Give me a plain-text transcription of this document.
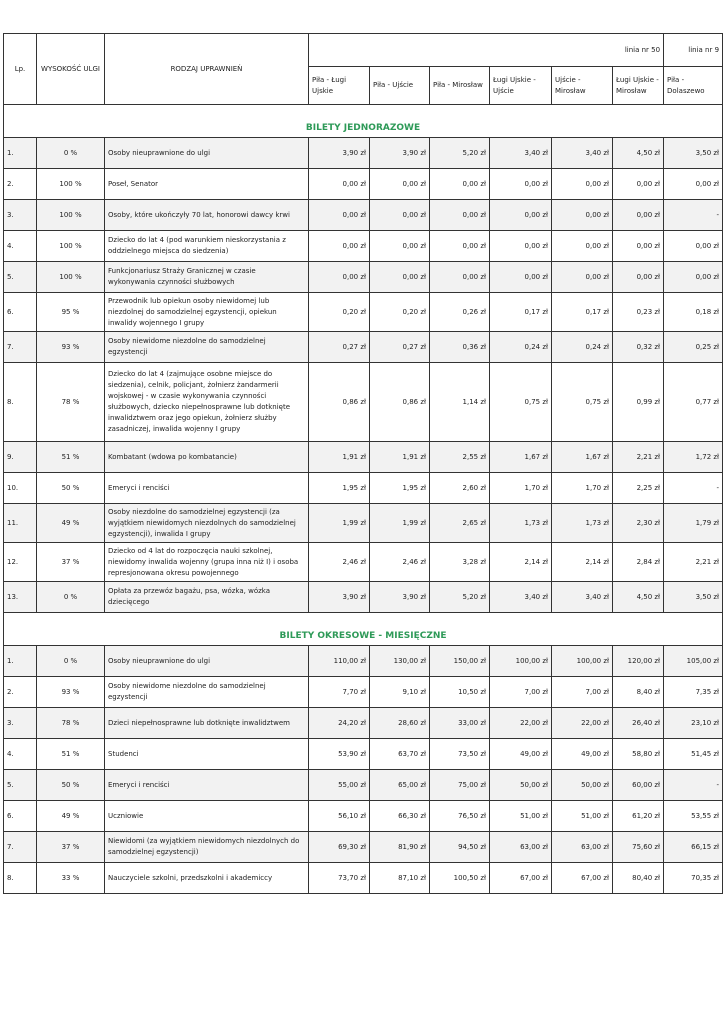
Lp.	WYSOKOŚĆ ULGI	RODZAJ UPRAWNIEŃ	linia nr 50						linia nr 9
			Piła - Ługi Ujskie	Piła - Ujście	Piła - Mirosław	Ługi Ujskie - Ujście	Ujście - Mirosław	Ługi Ujskie - Mirosław	Piła - Dolaszewo
BILETY JEDNORAZOWE									
1.	0 %	Osoby nieuprawnione do ulgi	3,90 zł	3,90 zł	5,20 zł	3,40 zł	3,40 zł	4,50 zł	3,50 zł
2.	100 %	Poseł, Senator	0,00 zł	0,00 zł	0,00 zł	0,00 zł	0,00 zł	0,00 zł	0,00 zł
3.	100 %	Osoby, które ukończyły 70 lat, honorowi dawcy krwi	0,00 zł	0,00 zł	0,00 zł	0,00 zł	0,00 zł	0,00 zł	-
4.	100 %	Dziecko do lat 4 (pod warunkiem nieskorzystania z oddzielnego miejsca do siedzenia)	0,00 zł	0,00 zł	0,00 zł	0,00 zł	0,00 zł	0,00 zł	0,00 zł
5.	100 %	Funkcjonariusz Straży Granicznej w czasie wykonywania czynności służbowych	0,00 zł	0,00 zł	0,00 zł	0,00 zł	0,00 zł	0,00 zł	0,00 zł
6.	95 %	Przewodnik lub opiekun osoby niewidomej lub niezdolnej do samodzielnej egzystencji, opiekun inwalidy wojennego I grupy	0,20 zł	0,20 zł	0,26 zł	0,17 zł	0,17 zł	0,23 zł	0,18 zł
7.	93 %	Osoby niewidome niezdolne do samodzielnej egzystencji	0,27 zł	0,27 zł	0,36 zł	0,24 zł	0,24 zł	0,32 zł	0,25 zł
8.	78 %	Dziecko do lat 4 (zajmujące osobne miejsce do siedzenia), celnik, policjant, żołnierz żandarmerii wojskowej - w czasie wykonywania czynności służbowych, dziecko niepełnosprawne lub dotknięte inwalidztwem oraz jego opiekun, żołnierz służby zasadniczej, inwalida wojenny I grupy	0,86 zł	0,86 zł	1,14 zł	0,75 zł	0,75 zł	0,99 zł	0,77 zł
9.	51 %	Kombatant (wdowa po kombatancie)	1,91 zł	1,91 zł	2,55 zł	1,67 zł	1,67 zł	2,21 zł	1,72 zł
10.	50 %	Emeryci i renciści	1,95 zł	1,95 zł	2,60 zł	1,70 zł	1,70 zł	2,25 zł	-
11.	49 %	Osoby niezdolne do samodzielnej egzystencji (za wyjątkiem niewidomych niezdolnych do samodzielnej egzystencji), inwalida I grupy	1,99 zł	1,99 zł	2,65 zł	1,73 zł	1,73 zł	2,30 zł	1,79 zł
12.	37 %	Dziecko od 4 lat do rozpoczęcia nauki szkolnej, niewidomy inwalida wojenny (grupa inna niż I) i osoba represjonowana okresu powojennego	2,46 zł	2,46 zł	3,28 zł	2,14 zł	2,14 zł	2,84 zł	2,21 zł
13.	0 %	Opłata za przewóz bagażu, psa, wózka, wózka dziecięcego	3,90 zł	3,90 zł	5,20 zł	3,40 zł	3,40 zł	4,50 zł	3,50 zł
BILETY OKRESOWE - MIESIĘCZNE									
1.	0 %	Osoby nieuprawnione do ulgi	110,00 zł	130,00 zł	150,00 zł	100,00 zł	100,00 zł	120,00 zł	105,00 zł
2.	93 %	Osoby niewidome niezdolne do samodzielnej egzystencji	7,70 zł	9,10 zł	10,50 zł	7,00 zł	7,00 zł	8,40 zł	7,35 zł
3.	78 %	Dzieci niepełnosprawne lub dotknięte inwalidztwem	24,20 zł	28,60 zł	33,00 zł	22,00 zł	22,00 zł	26,40 zł	23,10 zł
4.	51 %	Studenci	53,90 zł	63,70 zł	73,50 zł	49,00 zł	49,00 zł	58,80 zł	51,45 zł
5.	50 %	Emeryci i renciści	55,00 zł	65,00 zł	75,00 zł	50,00 zł	50,00 zł	60,00 zł	-
6.	49 %	Uczniowie	56,10 zł	66,30 zł	76,50 zł	51,00 zł	51,00 zł	61,20 zł	53,55 zł
7.	37 %	Niewidomi (za wyjątkiem niewidomych niezdolnych do samodzielnej egzystencji)	69,30 zł	81,90 zł	94,50 zł	63,00 zł	63,00 zł	75,60 zł	66,15 zł
8.	33 %	Nauczyciele szkolni, przedszkolni i akademiccy	73,70 zł	87,10 zł	100,50 zł	67,00 zł	67,00 zł	80,40 zł	70,35 zł
